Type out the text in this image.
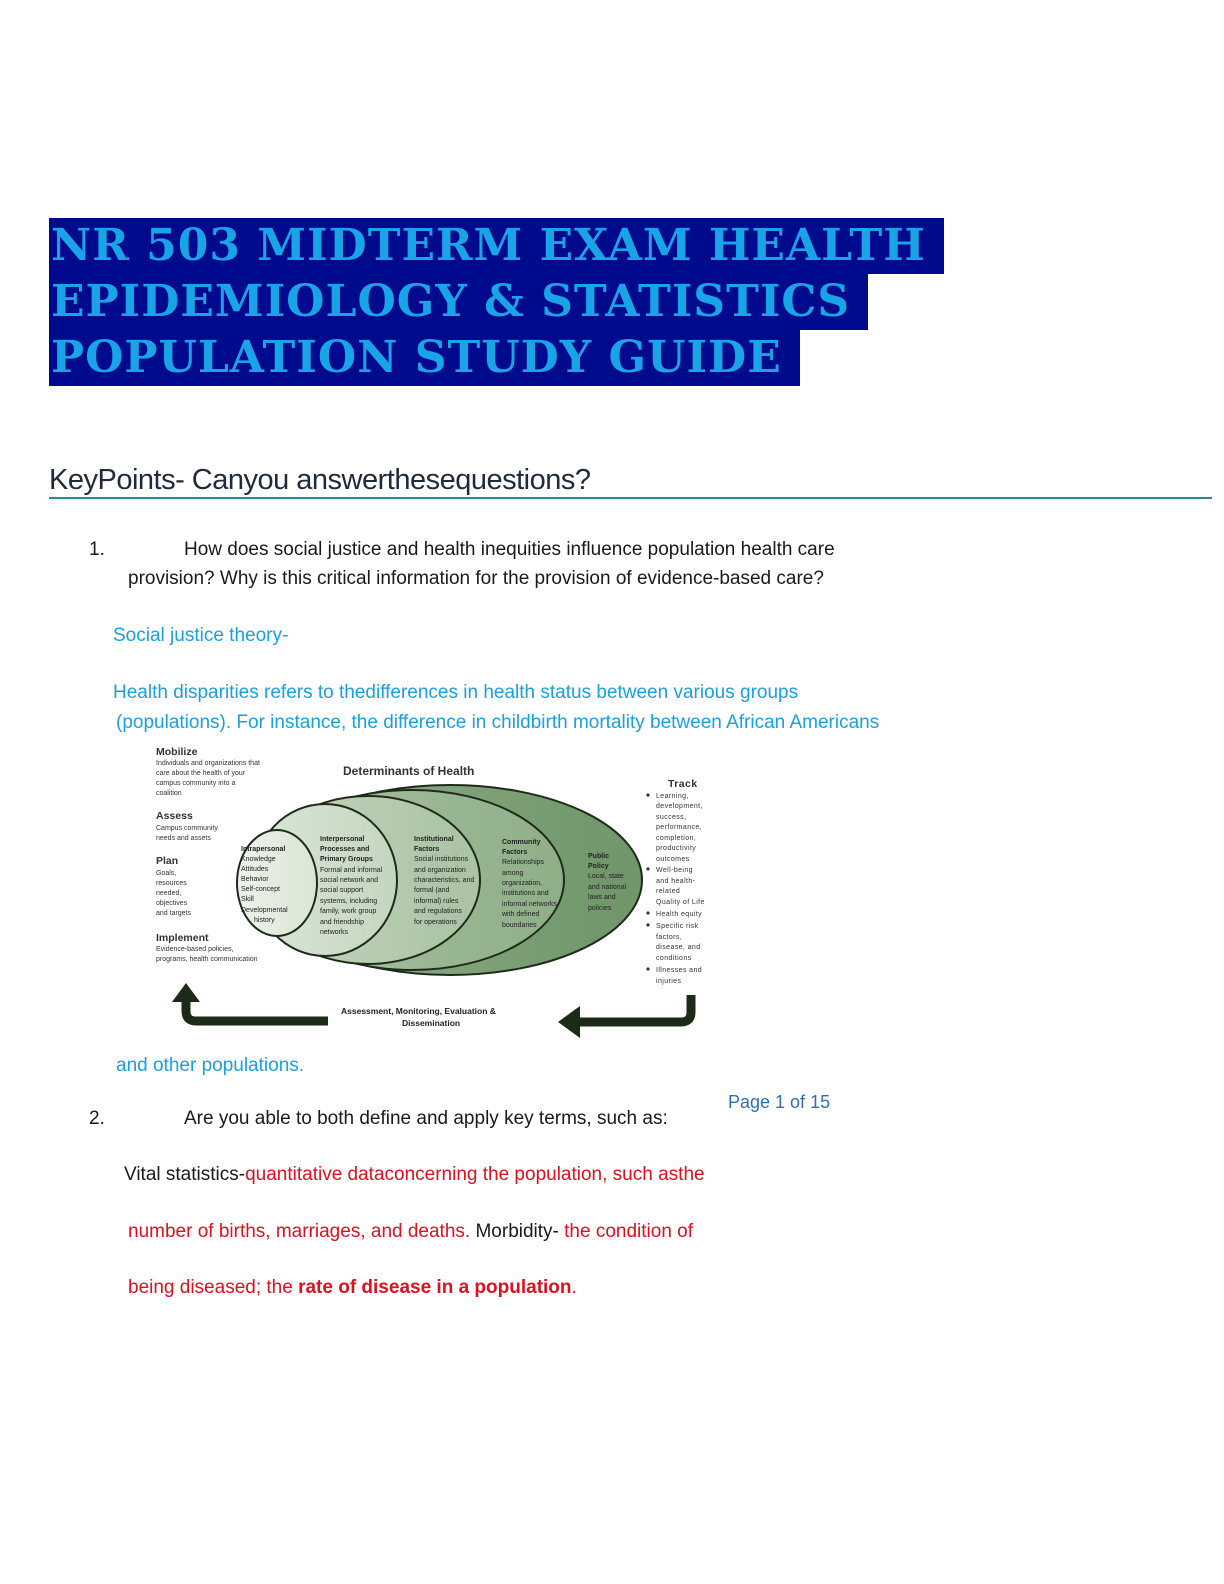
NR 503 MIDTERM EXAM HEALTH
EPIDEMIOLOGY & STATISTICS
POPULATION STUDY GUIDE
KeyPoints- Canyou answerthesequestions?
1.	How does social justice and health inequities influence population health care
provision? Why is this critical information for the provision of evidence-based care?
Social justice theory-
Health disparities refers to thedifferences in health status between various groups
(populations). For instance, the difference in childbirth mortality between African Americans
Determinants of Health
Mobilize
Individuals and organizations that
care about the health of your
campus community into a
coalition
Assess
Campus community
needs and assets
Plan
Goals,
resources
needed,
objectives
and targets
Implement
Evidence-based policies,
programs, health communication
Intrapersonal
Knowledge
Attitudes
Behavior
Self-concept
Skill
Developmental
history
Interpersonal
Processes and
Primary Groups
Formal and informal
social network and
social support
systems, including
family, work group
and friendship
networks
Institutional
Factors
Social institutions
and organization
characteristics, and
formal (and
informal) rules
and regulations
for operations
Community
Factors
Relationships
among
organization,
institutions and
informal networks
with defined
boundaries
Public
Policy
Local, state
and national
laws and
policies
Track
Learning,
development,
success,
performance,
completion,
productivity
outcomes
Well-being
and health-
related
Quality of Life
Health equity
Specific risk
factors,
disease, and
conditions
Illnesses and
injuries
Assessment, Monitoring, Evaluation &
Dissemination
and other populations.
Page 1 of 15
2.	Are you able to both define and apply key terms, such as:
Vital statistics-quantitative dataconcerning the population, such asthe
number of births, marriages, and deaths. Morbidity- the condition of
being diseased; the rate of disease in a population.
